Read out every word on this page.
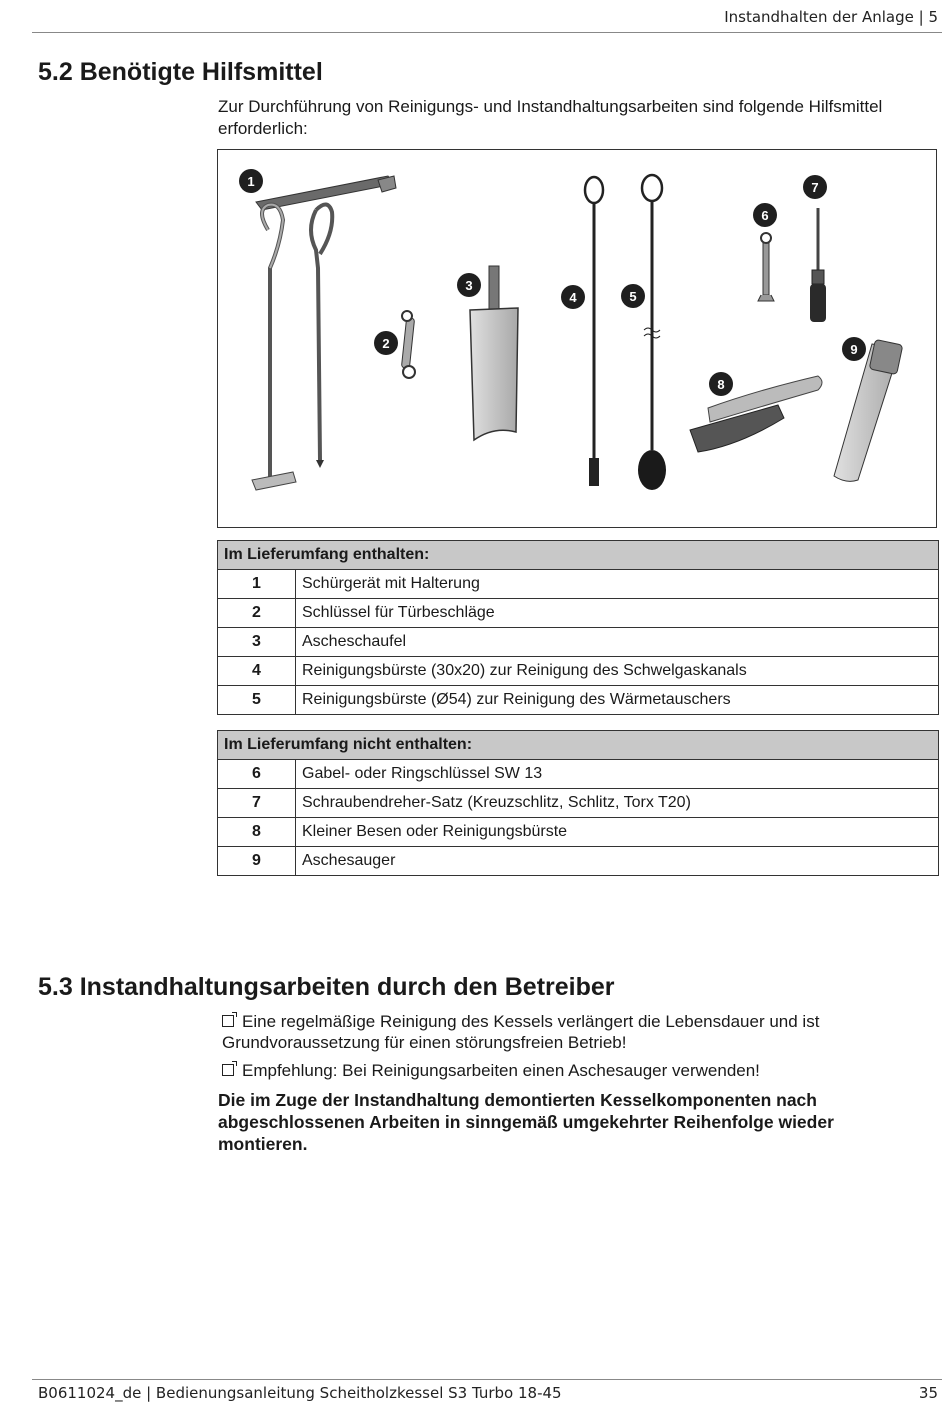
Instandhalten der Anlage | 5
5.2 Benötigte Hilfsmittel
Zur Durchführung von Reinigungs- und Instandhaltungsarbeiten sind folgende Hilfsmittel erforderlich:
1
2
3
4	5
6
7
8
9
Im Lieferumfang enthalten:	
1	Schürgerät mit Halterung
2	Schlüssel für Türbeschläge
3	Ascheschaufel
4	Reinigungsbürste (30x20) zur Reinigung des Schwelgaskanals
5	Reinigungsbürste (Ø54) zur Reinigung des Wärmetauschers
Im Lieferumfang nicht enthalten:	
6	Gabel- oder Ringschlüssel SW 13
7	Schraubendreher-Satz (Kreuzschlitz, Schlitz, Torx T20)
8	Kleiner Besen oder Reinigungsbürste
9	Aschesauger
5.3 Instandhaltungsarbeiten durch den Betreiber
Eine regelmäßige Reinigung des Kessels verlängert die Lebensdauer und ist Grundvoraussetzung für einen störungsfreien Betrieb!
Empfehlung: Bei Reinigungsarbeiten einen Aschesauger verwenden!
Die im Zuge der Instandhaltung demontierten Kesselkomponenten nach abgeschlossenen Arbeiten in sinngemäß umgekehrter Reihenfolge wieder montieren.
B0611024_de | Bedienungsanleitung Scheitholzkessel S3 Turbo 18-45	35
